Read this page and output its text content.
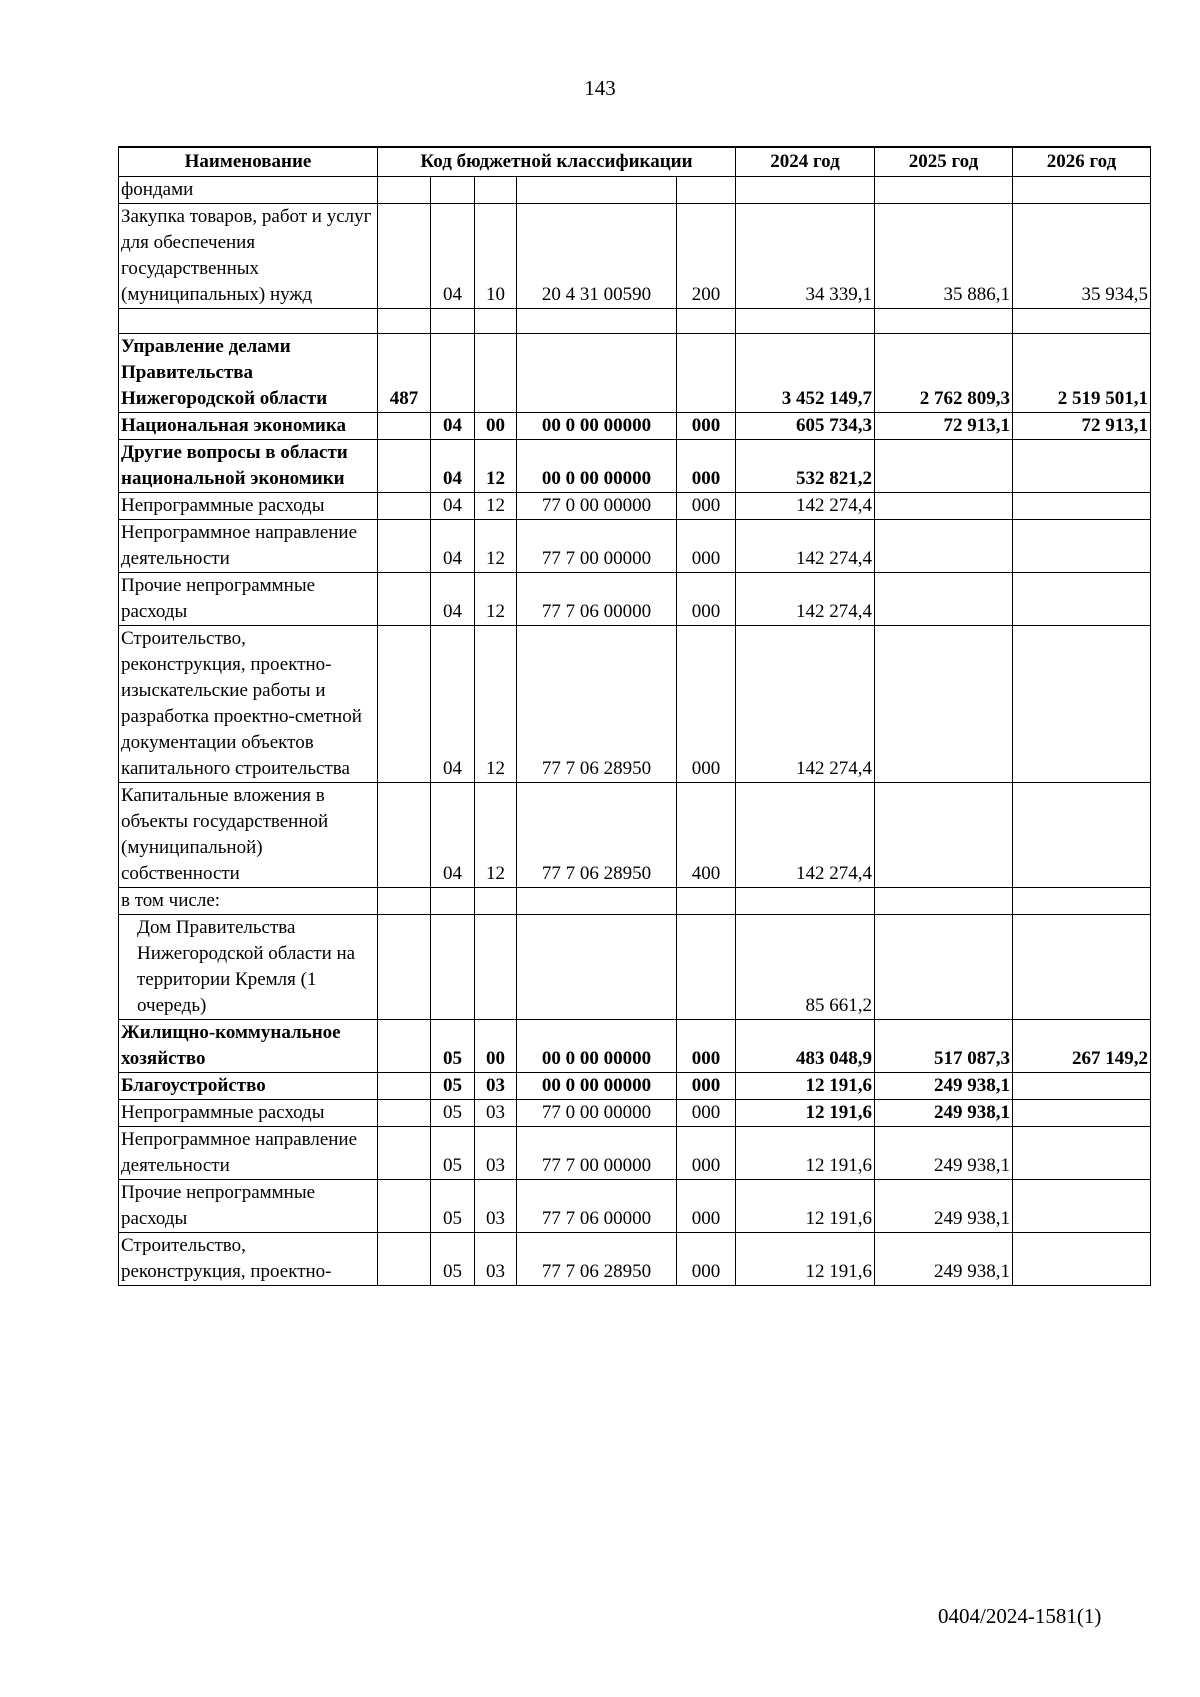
143
Наименование	Код бюджетной классификации					2024 год	2025 год	2026 год
фондами								
Закупка товаров, работ и услуг для обеспечения государственных (муниципальных) нужд		04	10	20 4 31 00590	200	34 339,1	35 886,1	35 934,5

Управление делами Правительства Нижегородской области	487					3 452 149,7	2 762 809,3	2 519 501,1
Национальная экономика		04	00	00 0 00 00000	000	605 734,3	72 913,1	72 913,1
Другие вопросы в области национальной экономики		04	12	00 0 00 00000	000	532 821,2		
Непрограммные расходы		04	12	77 0 00 00000	000	142 274,4		
Непрограммное направление деятельности		04	12	77 7 00 00000	000	142 274,4		
Прочие непрограммные расходы		04	12	77 7 06 00000	000	142 274,4		
Строительство, реконструкция, проектно-изыскательские работы и разработка проектно-сметной документации объектов капитального строительства		04	12	77 7 06 28950	000	142 274,4		
Капитальные вложения в объекты государственной (муниципальной) собственности		04	12	77 7 06 28950	400	142 274,4		
в том числе:								
Дом Правительства Нижегородской области на территории Кремля (1 очередь)						85 661,2		
Жилищно-коммунальное хозяйство		05	00	00 0 00 00000	000	483 048,9	517 087,3	267 149,2
Благоустройство		05	03	00 0 00 00000	000	12 191,6	249 938,1	
Непрограммные расходы		05	03	77 0 00 00000	000	12 191,6	249 938,1	
Непрограммное направление деятельности		05	03	77 7 00 00000	000	12 191,6	249 938,1	
Прочие непрограммные расходы		05	03	77 7 06 00000	000	12 191,6	249 938,1	
Строительство, реконструкция, проектно-		05	03	77 7 06 28950	000	12 191,6	249 938,1	
0404/2024-1581(1)
